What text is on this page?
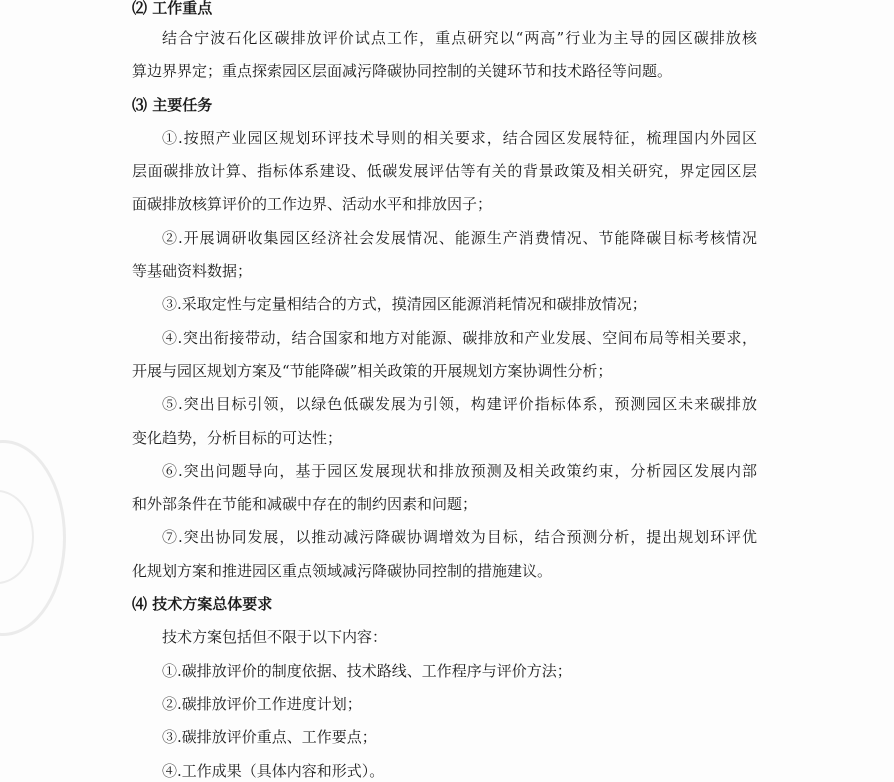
⑵ 工作重点
结合宁波石化区碳排放评价试点工作，重点研究以“两高”行业为主导的园区碳排放核
算边界界定；重点探索园区层面减污降碳协同控制的关键环节和技术路径等问题。
⑶ 主要任务
①.按照产业园区规划环评技术导则的相关要求，结合园区发展特征，梳理国内外园区
层面碳排放计算、指标体系建设、低碳发展评估等有关的背景政策及相关研究，界定园区层
面碳排放核算评价的工作边界、活动水平和排放因子；
②.开展调研收集园区经济社会发展情况、能源生产消费情况、节能降碳目标考核情况
等基础资料数据；
③.采取定性与定量相结合的方式，摸清园区能源消耗情况和碳排放情况；
④.突出衔接带动，结合国家和地方对能源、碳排放和产业发展、空间布局等相关要求，
开展与园区规划方案及“节能降碳”相关政策的开展规划方案协调性分析；
⑤.突出目标引领，以绿色低碳发展为引领，构建评价指标体系，预测园区未来碳排放
变化趋势，分析目标的可达性；
⑥.突出问题导向，基于园区发展现状和排放预测及相关政策约束，分析园区发展内部
和外部条件在节能和减碳中存在的制约因素和问题；
⑦.突出协同发展，以推动减污降碳协调增效为目标，结合预测分析，提出规划环评优
化规划方案和推进园区重点领域减污降碳协同控制的措施建议。
⑷ 技术方案总体要求
技术方案包括但不限于以下内容：
①.碳排放评价的制度依据、技术路线、工作程序与评价方法；
②.碳排放评价工作进度计划；
③.碳排放评价重点、工作要点；
④.工作成果（具体内容和形式）。
